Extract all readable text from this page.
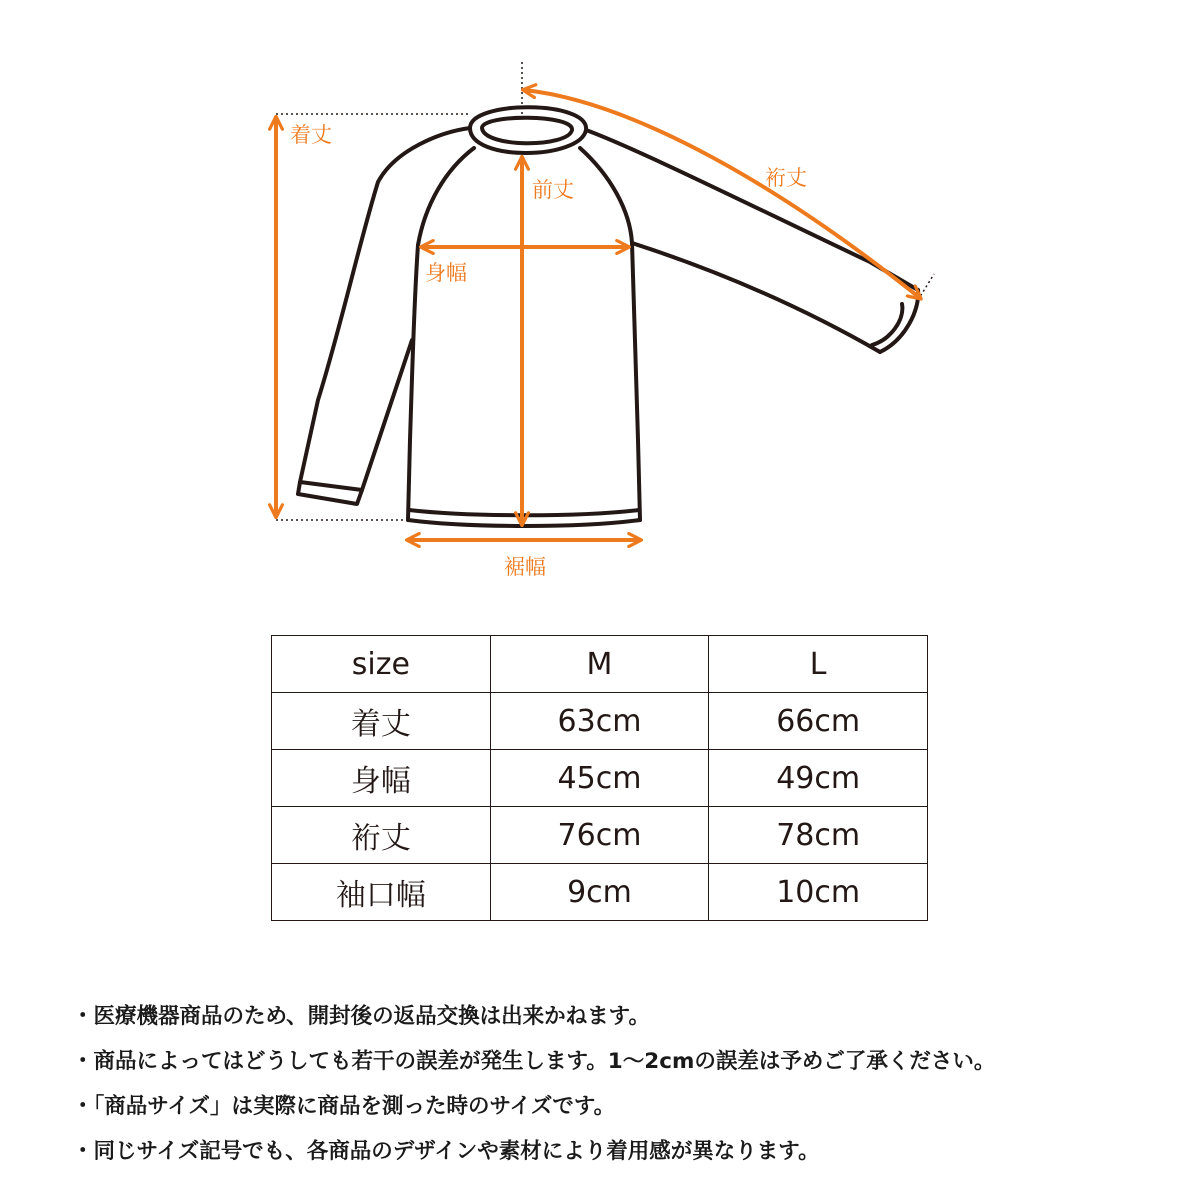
着丈
前丈	裄丈
身幅
裾幅
size	M	L
着丈	63cm	66cm
身幅	45cm	49cm
裄丈	76cm	78cm
袖口幅	9cm	10cm
・ 医療機器商品のため、開封後の返品交換は出来かねます。
・ 商品によってはどうしても若干の誤差が発生します。1〜2cmの誤差は予めご了承ください。
・ 「商品サイズ」は実際に商品を測った時のサイズです。
・ 同じサイズ記号でも、各商品のデザインや素材により着用感が異なります。
